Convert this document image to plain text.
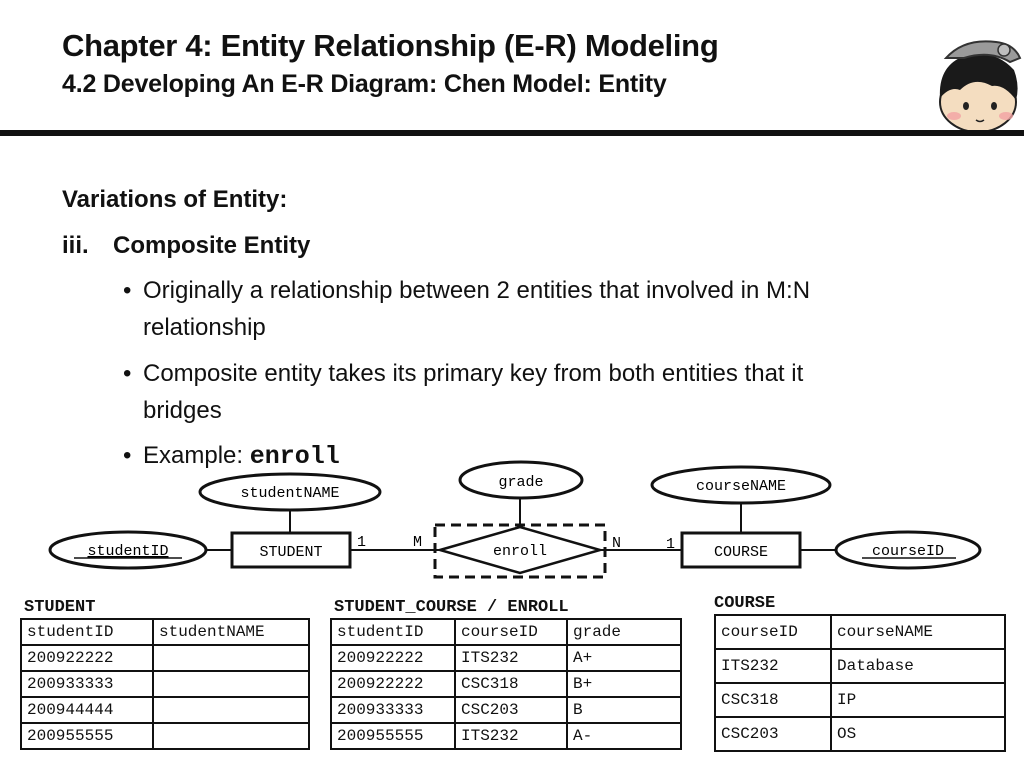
Chapter 4: Entity Relationship (E-R) Modeling
4.2 Developing An E-R Diagram: Chen Model: Entity
Variations of Entity:
iii. Composite Entity
• Originally a relationship between 2 entities that involved in M:N
relationship
• Composite entity takes its primary key from both entities that it
bridges
• Example: enroll
studentID
studentNAME
grade	courseNAME
courseID
STUDENT	COURSE
enroll
1	M	N	1
STUDENT
studentID	studentNAME
200922222	
200933333	
200944444	
200955555	
STUDENT_COURSE / ENROLL
studentID	courseID	grade
200922222	ITS232	A+
200922222	CSC318	B+
200933333	CSC203	B
200955555	ITS232	A-
COURSE
courseID	courseNAME
ITS232	Database
CSC318	IP
CSC203	OS
